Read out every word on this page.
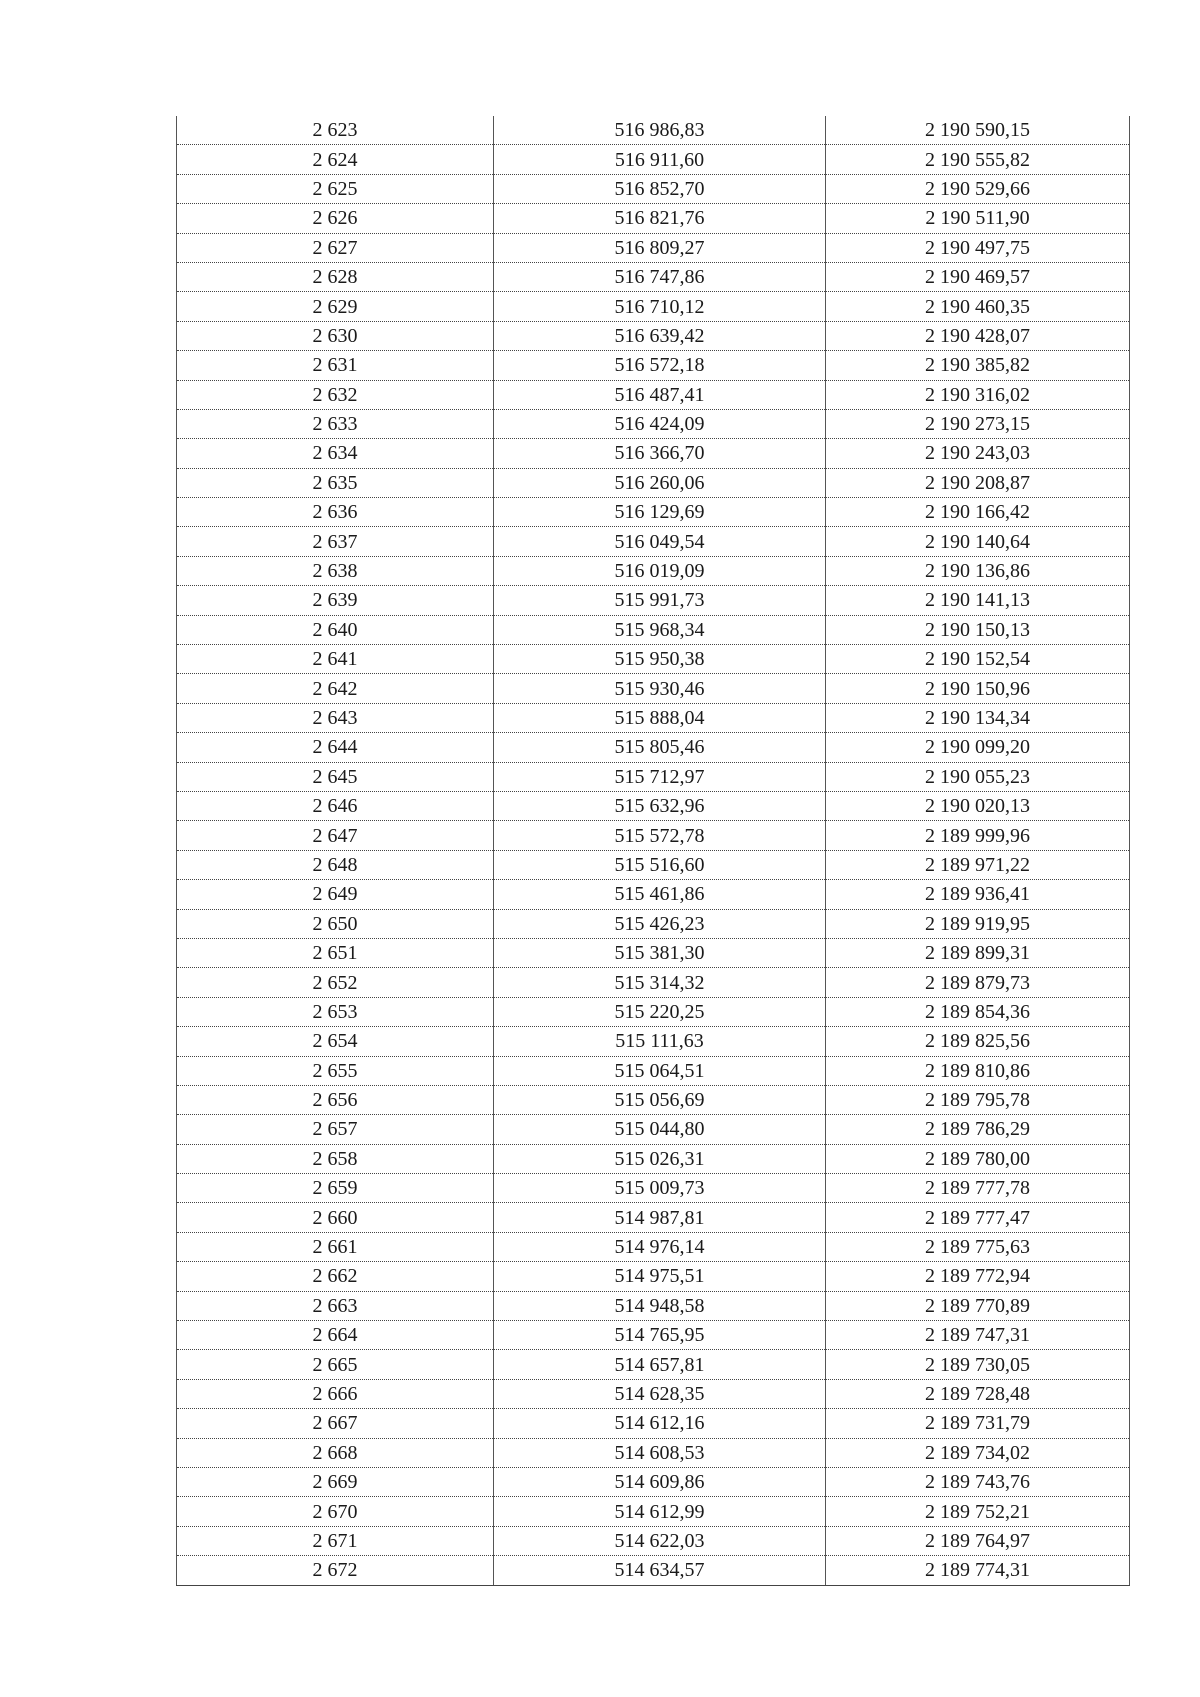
2 623	516 986,83	2 190 590,15
2 624	516 911,60	2 190 555,82
2 625	516 852,70	2 190 529,66
2 626	516 821,76	2 190 511,90
2 627	516 809,27	2 190 497,75
2 628	516 747,86	2 190 469,57
2 629	516 710,12	2 190 460,35
2 630	516 639,42	2 190 428,07
2 631	516 572,18	2 190 385,82
2 632	516 487,41	2 190 316,02
2 633	516 424,09	2 190 273,15
2 634	516 366,70	2 190 243,03
2 635	516 260,06	2 190 208,87
2 636	516 129,69	2 190 166,42
2 637	516 049,54	2 190 140,64
2 638	516 019,09	2 190 136,86
2 639	515 991,73	2 190 141,13
2 640	515 968,34	2 190 150,13
2 641	515 950,38	2 190 152,54
2 642	515 930,46	2 190 150,96
2 643	515 888,04	2 190 134,34
2 644	515 805,46	2 190 099,20
2 645	515 712,97	2 190 055,23
2 646	515 632,96	2 190 020,13
2 647	515 572,78	2 189 999,96
2 648	515 516,60	2 189 971,22
2 649	515 461,86	2 189 936,41
2 650	515 426,23	2 189 919,95
2 651	515 381,30	2 189 899,31
2 652	515 314,32	2 189 879,73
2 653	515 220,25	2 189 854,36
2 654	515 111,63	2 189 825,56
2 655	515 064,51	2 189 810,86
2 656	515 056,69	2 189 795,78
2 657	515 044,80	2 189 786,29
2 658	515 026,31	2 189 780,00
2 659	515 009,73	2 189 777,78
2 660	514 987,81	2 189 777,47
2 661	514 976,14	2 189 775,63
2 662	514 975,51	2 189 772,94
2 663	514 948,58	2 189 770,89
2 664	514 765,95	2 189 747,31
2 665	514 657,81	2 189 730,05
2 666	514 628,35	2 189 728,48
2 667	514 612,16	2 189 731,79
2 668	514 608,53	2 189 734,02
2 669	514 609,86	2 189 743,76
2 670	514 612,99	2 189 752,21
2 671	514 622,03	2 189 764,97
2 672	514 634,57	2 189 774,31
